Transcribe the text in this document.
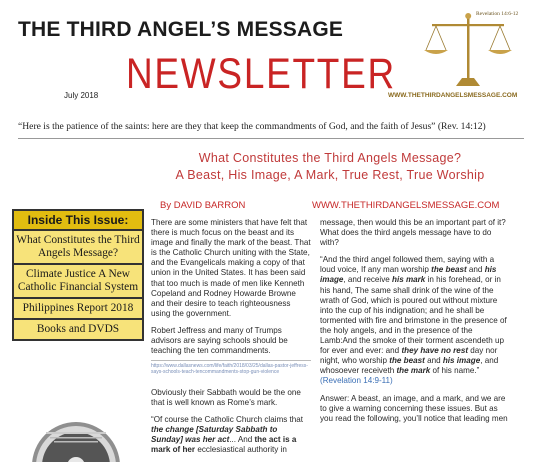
THE THIRD ANGEL’S MESSAGE
NEWSLETTER
July 2018
Revelation 14:6-12
WWW.THETHIRDANGELSMESSAGE.COM
“Here is the patience of the saints: here are they that keep the commandments of God, and the faith of Jesus” (Rev. 14:12)
What Constitutes the Third Angels Message?
A Beast, His Image, A Mark, True Rest, True Worship
By DAVID BARRON	WWW.THETHIRDANGELSMESSAGE.COM
Inside This Issue:
What Constitutes the Third Angels Message?
Climate Justice A New Catholic Financial System
Philippines Report 2018
Books and DVDS

There are some ministers that have felt that there is much focus on the beast and its image and finally the mark of the beast. That is the Catholic Church uniting with the State, and the Evangelicals making a copy of that union in the United States. It has been said that too much is made of men like Kenneth Copeland and Rodney Howarde Browne and their desire to teach righteousness using the government.

Robert Jeffress and many of Trumps advisors are saying schools should be teaching the ten commandments.

https://www.dallasnews.com/life/faith/2018/03/25/dallas-pastor-jeffress-says-schools-teach-tencommandments-stop-gun-violence

Obviously their Sabbath would be the one that is well known as Rome’s mark.

“Of course the Catholic Church claims that the change [Saturday Sabbath to Sunday] was her act... And the act is a mark of her ecclesiastical authority in

message, then would this be an important part of it? What does the third angels message have to do with?

“And the third angel followed them, saying with a loud voice, If any man worship the beast and his image, and receive his mark in his forehead, or in his hand, The same shall drink of the wine of the wrath of God, which is poured out without mixture into the cup of his indignation; and he shall be tormented with fire and brimstone in the presence of the holy angels, and in the presence of the Lamb:And the smoke of their torment ascendeth up for ever and ever: and they have no rest day nor night, who worship the beast and his image, and whosoever receiveth the mark of his name.” (Revelation 14:9-11)

Answer: A beast, an image, and a mark, and we are to give a warning concerning these issues. But as you read the following, you’ll notice that leading men
